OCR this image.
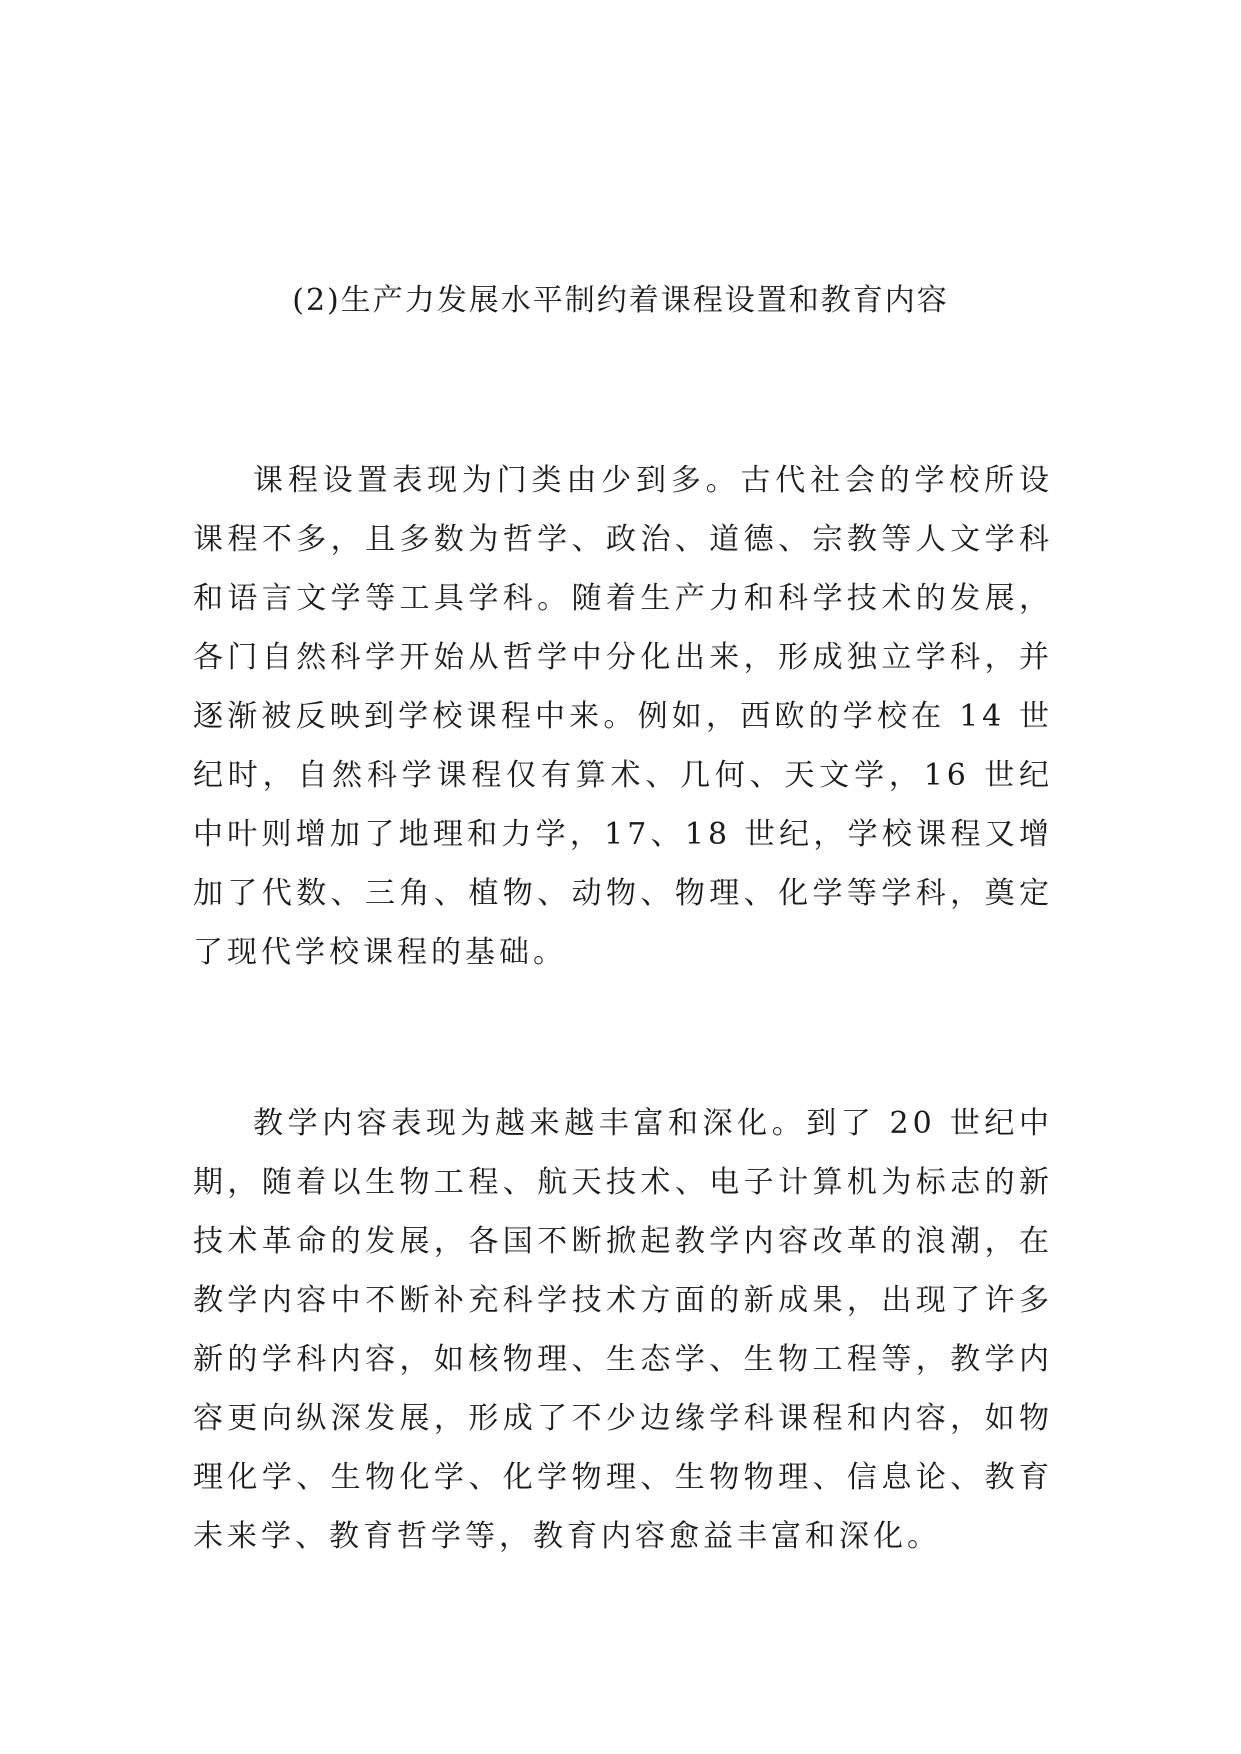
(2)生产力发展水平制约着课程设置和教育内容

课程设置表现为门类由少到多。古代社会的学校所设课程不多，且多数为哲学、政治、道德、宗教等人文学科和语言文学等工具学科。随着生产力和科学技术的发展，各门自然科学开始从哲学中分化出来，形成独立学科，并逐渐被反映到学校课程中来。例如，西欧的学校在 14 世纪时，自然科学课程仅有算术、几何、天文学，16 世纪中叶则增加了地理和力学，17、18 世纪，学校课程又增加了代数、三角、植物、动物、物理、化学等学科，奠定了现代学校课程的基础。

教学内容表现为越来越丰富和深化。到了 20 世纪中期，随着以生物工程、航天技术、电子计算机为标志的新技术革命的发展，各国不断掀起教学内容改革的浪潮，在教学内容中不断补充科学技术方面的新成果，出现了许多新的学科内容，如核物理、生态学、生物工程等，教学内容更向纵深发展，形成了不少边缘学科课程和内容，如物理化学、生物化学、化学物理、生物物理、信息论、教育未来学、教育哲学等，教育内容愈益丰富和深化。
